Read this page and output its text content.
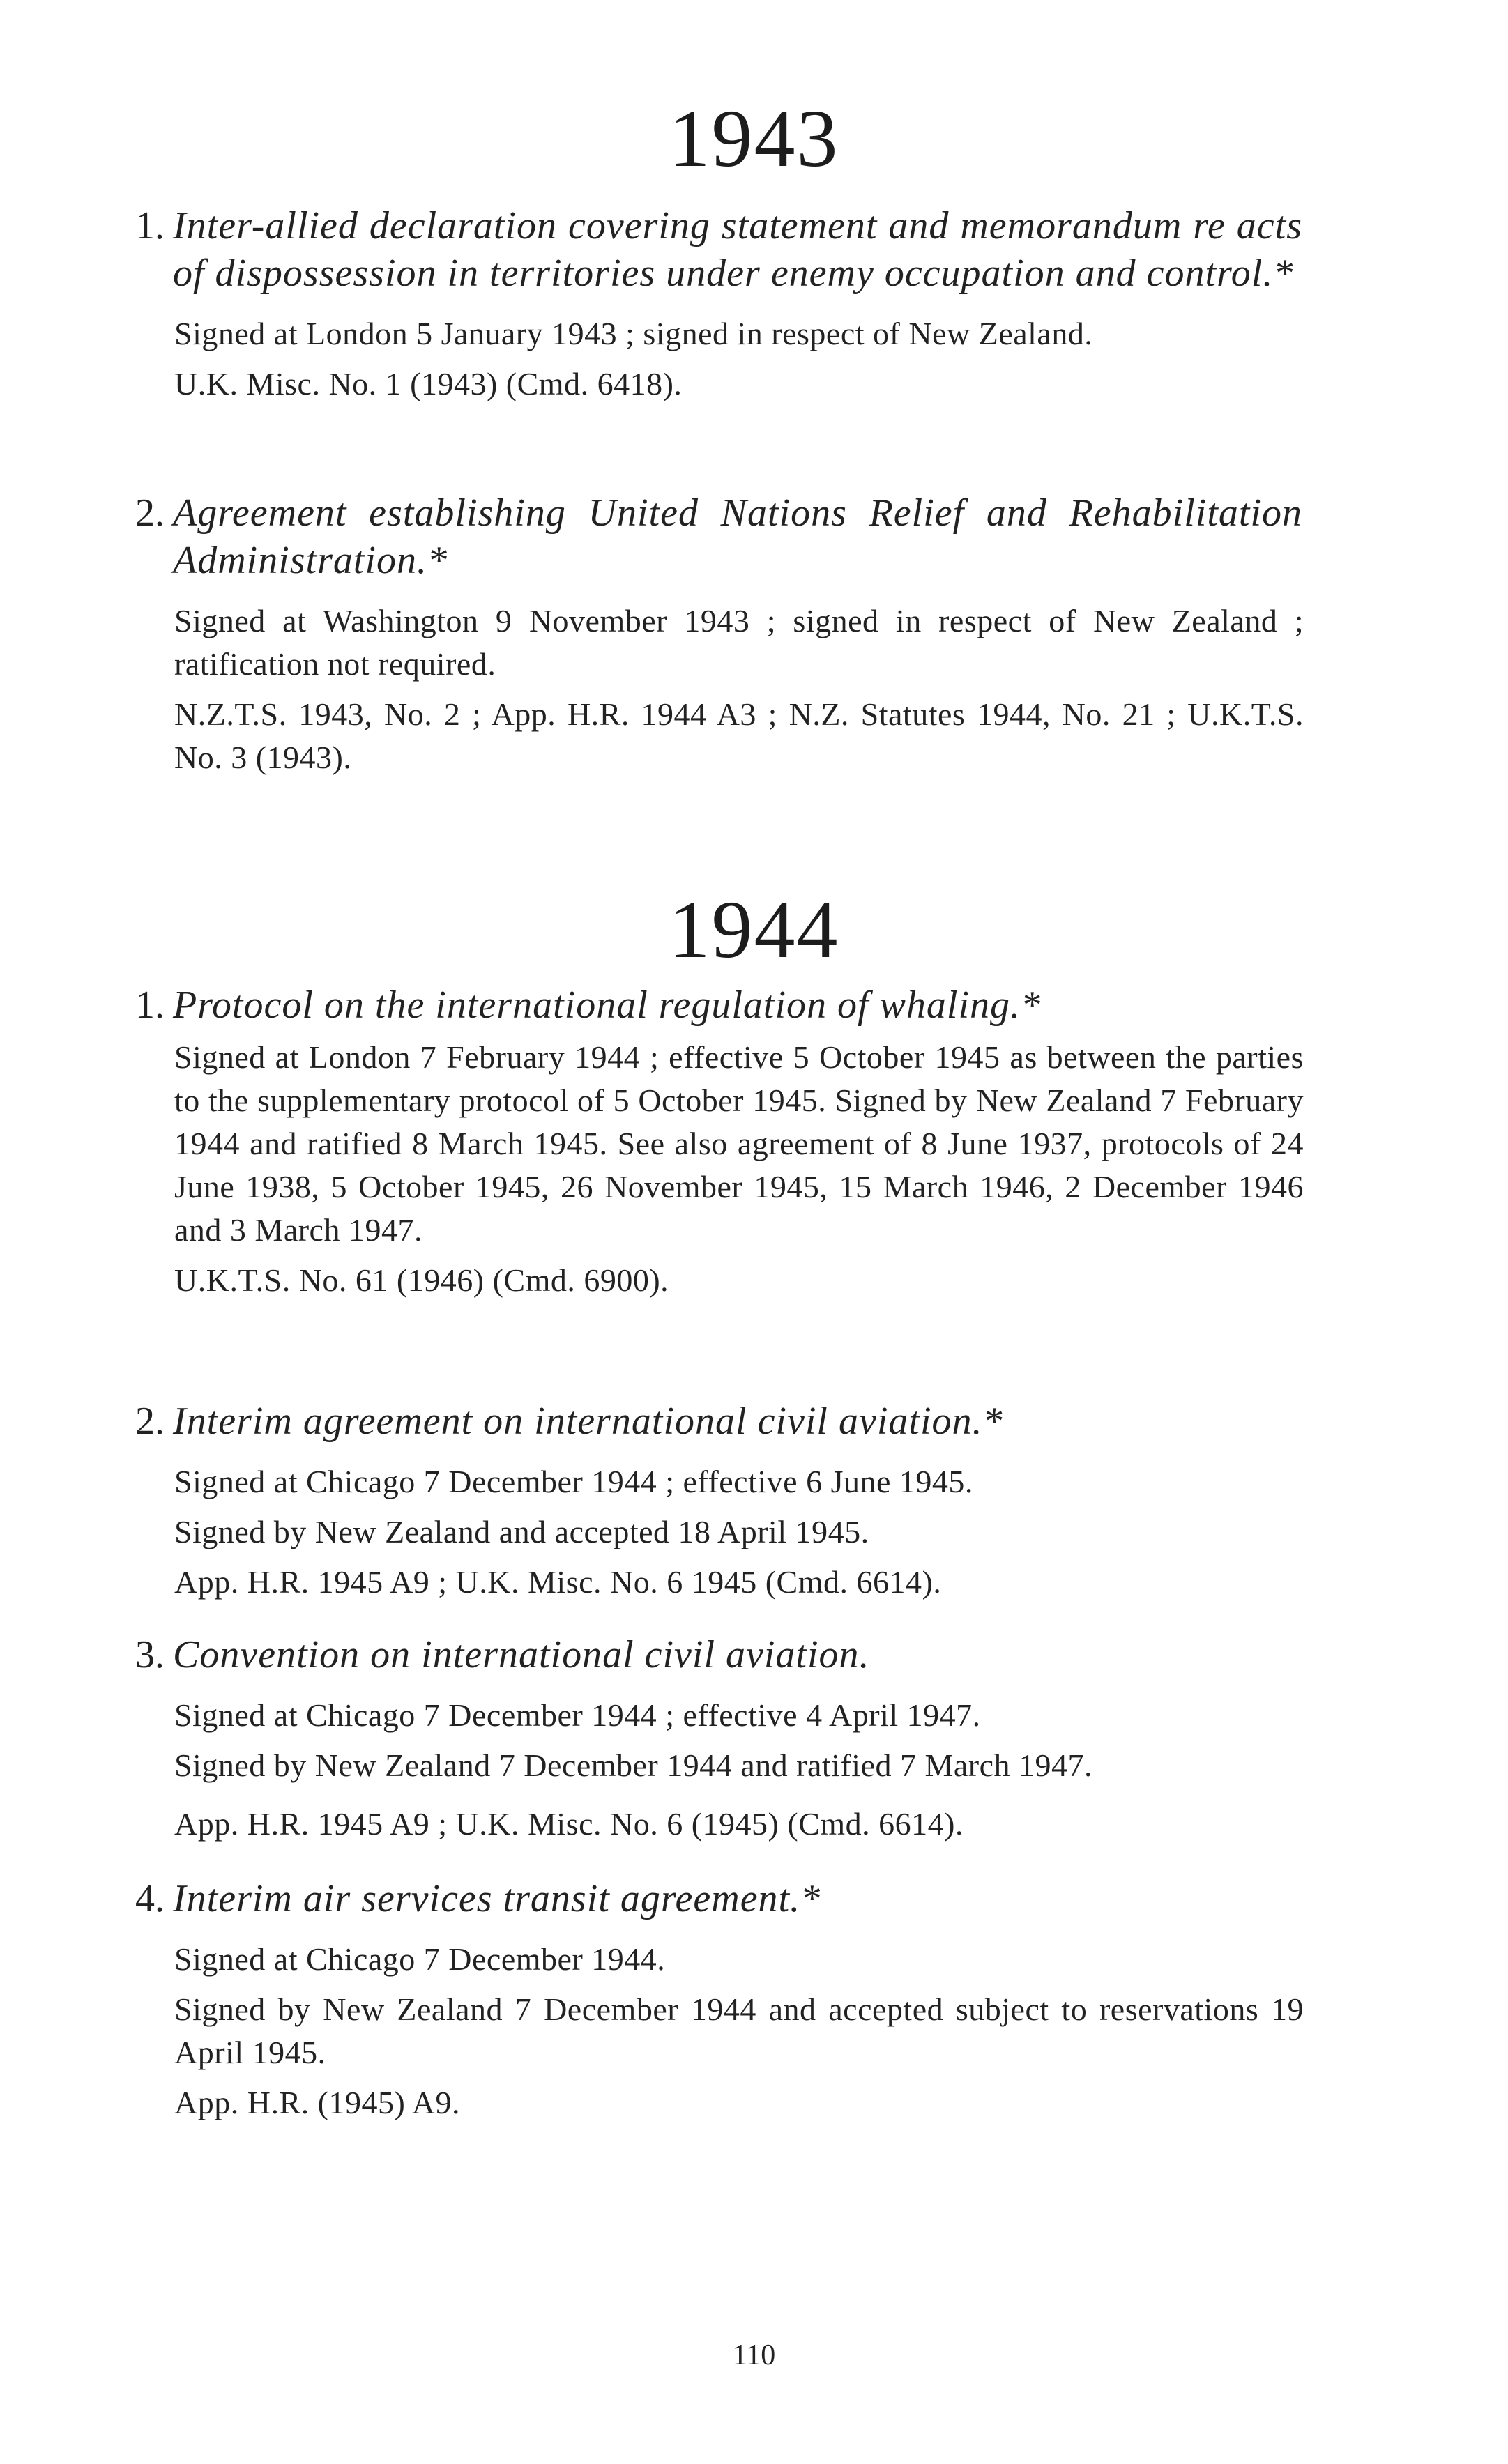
1943
1. Inter-allied declaration covering statement and memorandum re acts of dispossession in territories under enemy occupation and control.*
Signed at London 5 January 1943 ; signed in respect of New Zealand.
U.K. Misc. No. 1 (1943) (Cmd. 6418).
2. Agreement establishing United Nations Relief and Rehabilitation Administration.*
Signed at Washington 9 November 1943 ; signed in respect of New Zealand ; ratification not required.
N.Z.T.S. 1943, No. 2 ; App. H.R. 1944 A3 ; N.Z. Statutes 1944, No. 21 ; U.K.T.S. No. 3 (1943).
1944
1. Protocol on the international regulation of whaling.*
Signed at London 7 February 1944 ; effective 5 October 1945 as between the parties to the supplementary protocol of 5 October 1945. Signed by New Zealand 7 February 1944 and ratified 8 March 1945. See also agreement of 8 June 1937, protocols of 24 June 1938, 5 October 1945, 26 November 1945, 15 March 1946, 2 December 1946 and 3 March 1947.
U.K.T.S. No. 61 (1946) (Cmd. 6900).
2. Interim agreement on international civil aviation.*
Signed at Chicago 7 December 1944 ; effective 6 June 1945.
Signed by New Zealand and accepted 18 April 1945.
App. H.R. 1945 A9 ; U.K. Misc. No. 6 1945 (Cmd. 6614).
3. Convention on international civil aviation.
Signed at Chicago 7 December 1944 ; effective 4 April 1947.
Signed by New Zealand 7 December 1944 and ratified 7 March 1947.
App. H.R. 1945 A9 ; U.K. Misc. No. 6 (1945) (Cmd. 6614).
4. Interim air services transit agreement.*
Signed at Chicago 7 December 1944.
Signed by New Zealand 7 December 1944 and accepted subject to reservations 19 April 1945.
App. H.R. (1945) A9.
110
